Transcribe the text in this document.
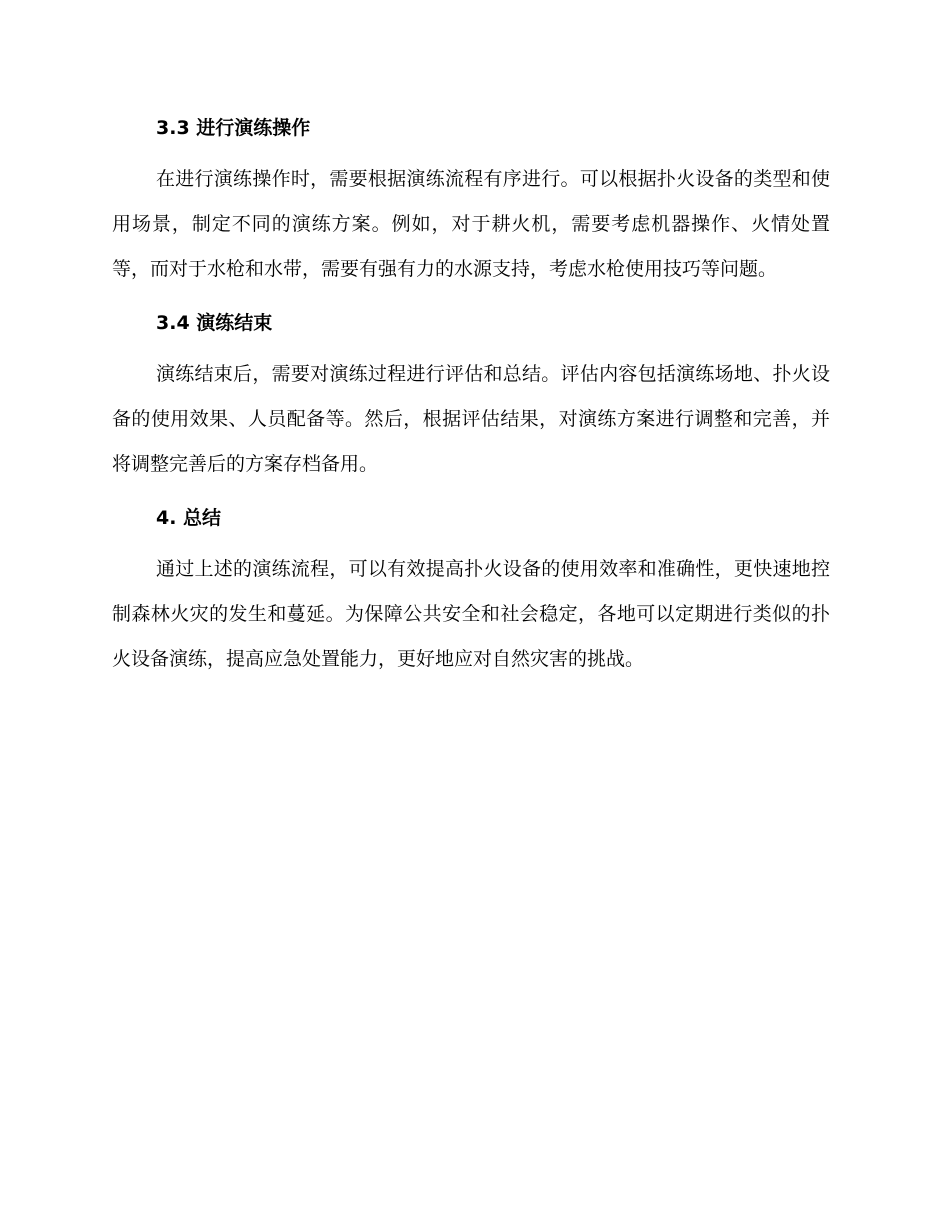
3.3 进行演练操作

在进行演练操作时，需要根据演练流程有序进行。可以根据扑火设备的类型和使用场景，制定不同的演练方案。例如，对于耕火机，需要考虑机器操作、火情处置等，而对于水枪和水带，需要有强有力的水源支持，考虑水枪使用技巧等问题。

3.4 演练结束

演练结束后，需要对演练过程进行评估和总结。评估内容包括演练场地、扑火设备的使用效果、人员配备等。然后，根据评估结果，对演练方案进行调整和完善，并将调整完善后的方案存档备用。

4. 总结

通过上述的演练流程，可以有效提高扑火设备的使用效率和准确性，更快速地控制森林火灾的发生和蔓延。为保障公共安全和社会稳定，各地可以定期进行类似的扑火设备演练，提高应急处置能力，更好地应对自然灾害的挑战。
